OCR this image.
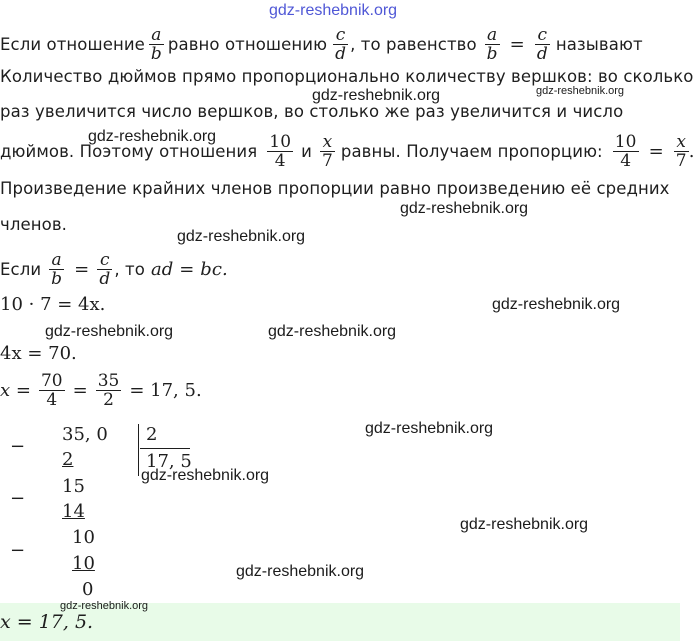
gdz-reshebnik.org
Если отношение $\frac{a}{b}$ равно отношению $\frac{c}{d}$ , то равенство $\frac{a}{b} = \frac{c}{d}$ называют
Количество дюймов прямо пропорционально количеству вершков: во сколько
gdz-reshebnik.org	gdz-reshebnik.org
раз увеличится число вершков, во столько же раз увеличится и число
gdz-reshebnik.org
дюймов. Поэтому отношения $\frac{10}{4}$ и $\frac{x}{7}$ равны. Получаем пропорцию: $\frac{10}{4} = \frac{x}{7}$ .
Произведение крайних членов пропорции равно произведению её средних
gdz-reshebnik.org
членов.
gdz-reshebnik.org
Если $\frac{a}{b} = \frac{c}{d}$ , то ad = bc.
10 · 7 = 4x.	gdz-reshebnik.org
gdz-reshebnik.org	gdz-reshebnik.org
4x = 70.
$x = \frac{70}{4} = \frac{35}{2} = 17$, 5.
−
35, 0 2
17, 5
2
gdz-reshebnik.org
gdz-reshebnik.org
−
15
14
gdz-reshebnik.org
−
10
10
0
gdz-reshebnik.org
gdz-reshebnik.org
x = 17, 5.
